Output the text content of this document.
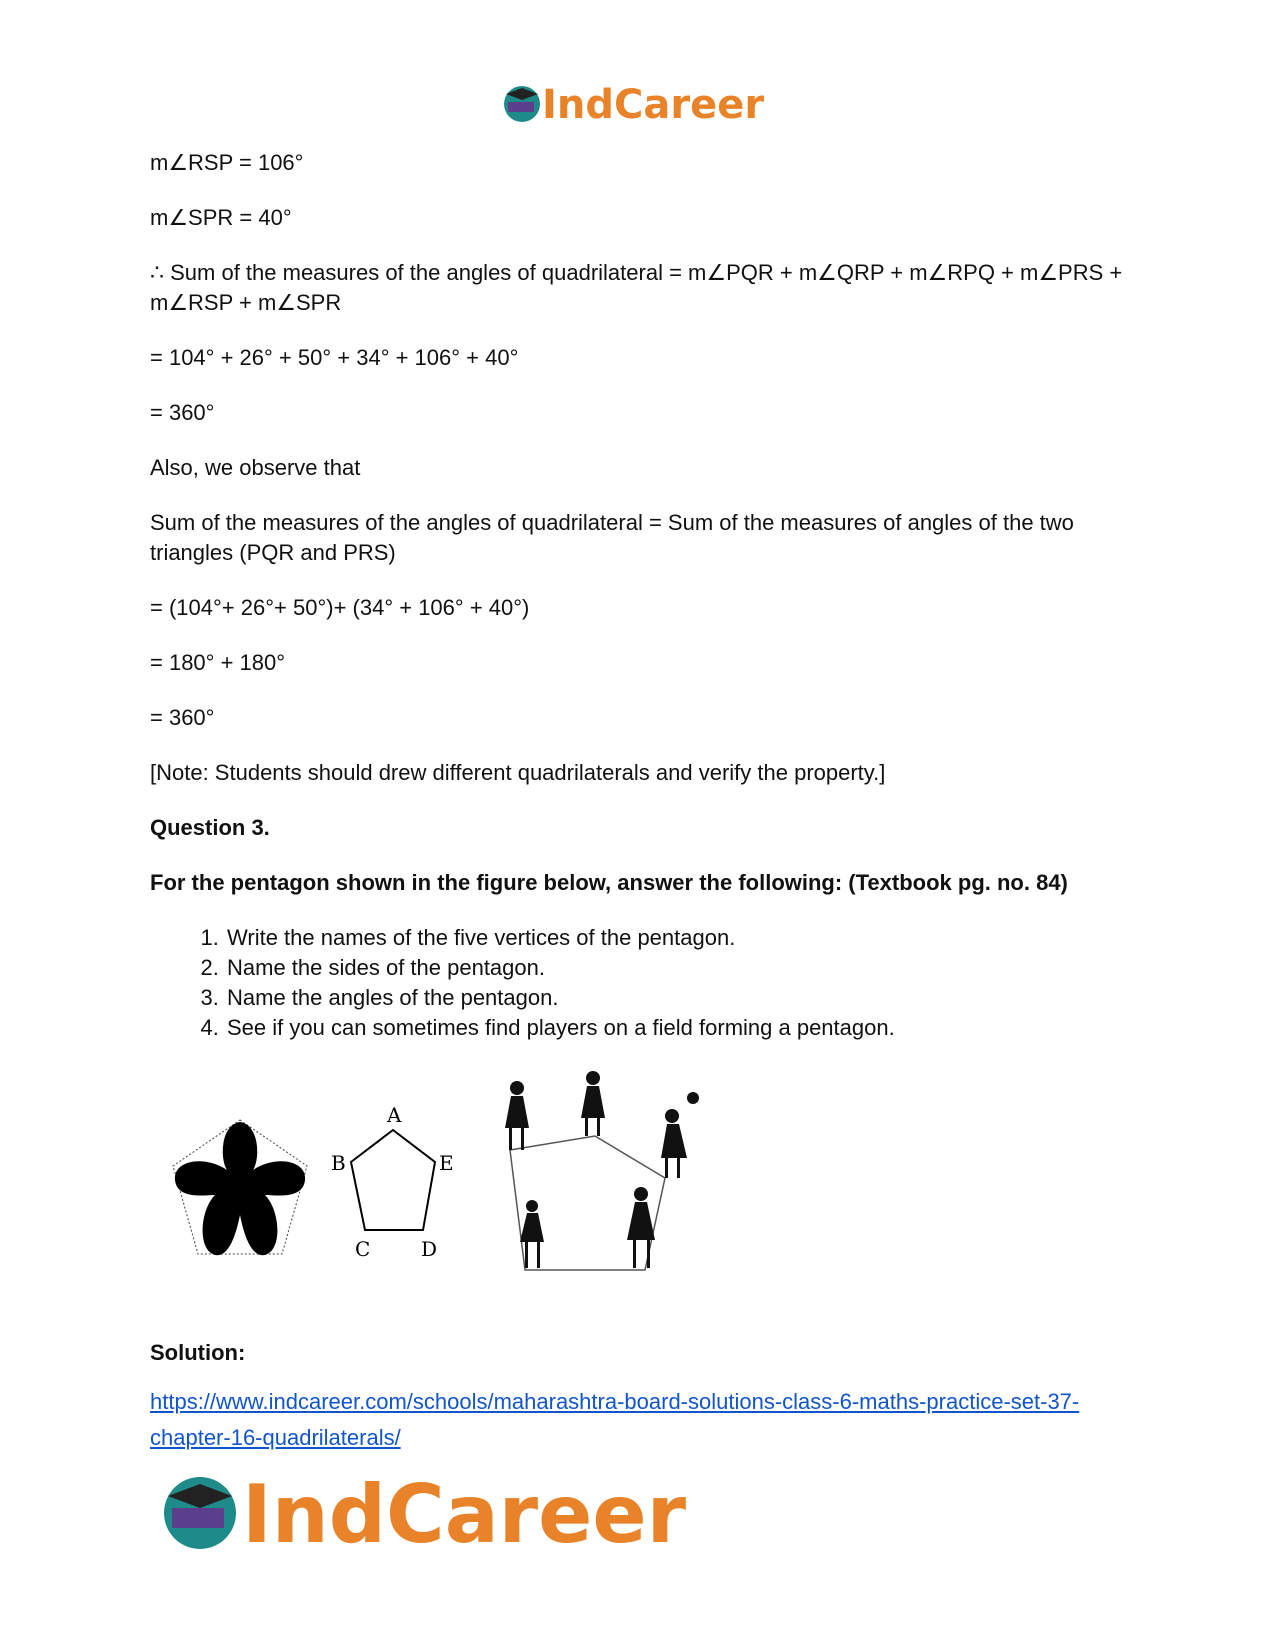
IndCareer

m∠RSP = 106°

m∠SPR = 40°

∴ Sum of the measures of the angles of quadrilateral = m∠PQR + m∠QRP + m∠RPQ + m∠PRS + m∠RSP + m∠SPR

= 104° + 26° + 50° + 34° + 106° + 40°

= 360°

Also, we observe that

Sum of the measures of the angles of quadrilateral = Sum of the measures of angles of the two triangles (PQR and PRS)

= (104°+ 26°+ 50°)+ (34° + 106° + 40°)

= 180° + 180°

= 360°

[Note: Students should drew different quadrilaterals and verify the property.]

Question 3.

For the pentagon shown in the figure below, answer the following: (Textbook pg. no. 84)

1. Write the names of the five vertices of the pentagon.
2. Name the sides of the pentagon.
3. Name the angles of the pentagon.
4. See if you can sometimes find players on a field forming a pentagon.
A
B
C	D
E
Solution:
https://www.indcareer.com/schools/maharashtra-board-solutions-class-6-maths-practice-set-37-chapter-16-quadrilaterals/
IndCareer
